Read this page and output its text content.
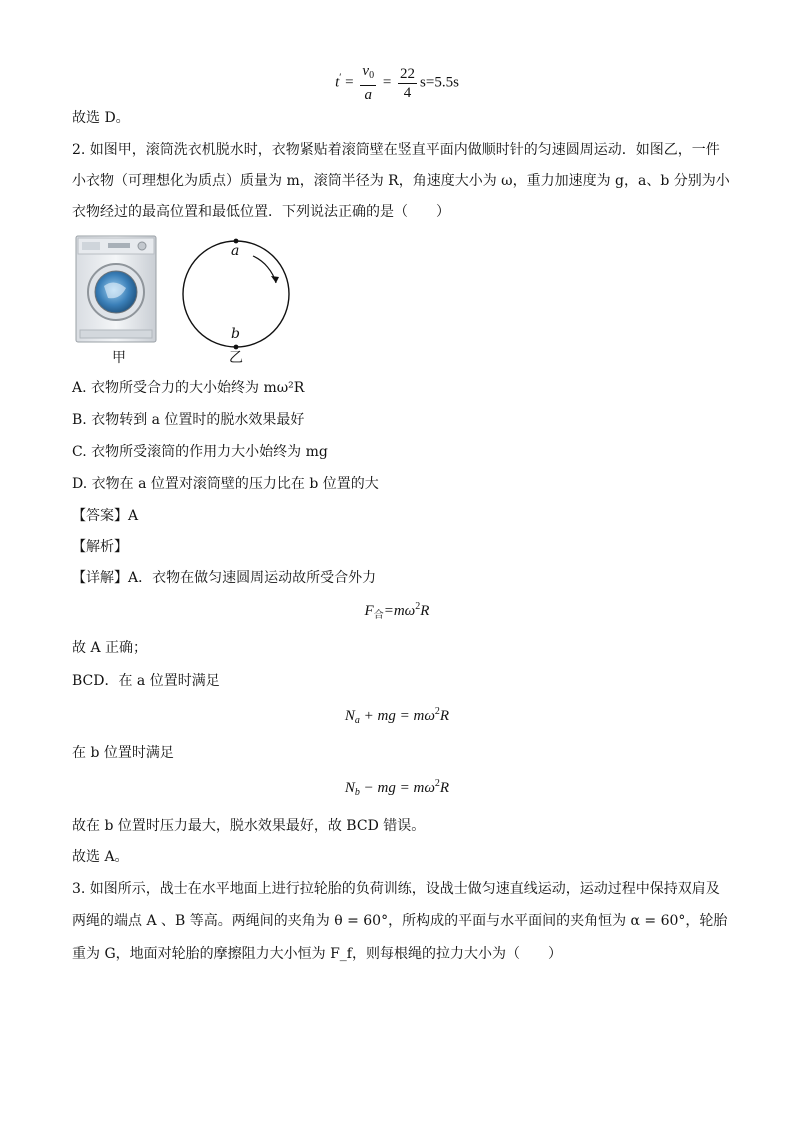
$t' = \frac{v_0}{a} = \frac{22}{4} s=5.5s$
故选 D。
2. 如图甲，滚筒洗衣机脱水时，衣物紧贴着滚筒壁在竖直平面内做顺时针的匀速圆周运动．如图乙，一件
小衣物（可理想化为质点）质量为 m，滚筒半径为 R，角速度大小为 ω，重力加速度为 g，a、b 分别为小
衣物经过的最高位置和最低位置．下列说法正确的是（　　）
甲
a
b
乙
A. 衣物所受合力的大小始终为 mω²R
B. 衣物转到 a 位置时的脱水效果最好
C. 衣物所受滚筒的作用力大小始终为 mg
D. 衣物在 a 位置对滚筒壁的压力比在 b 位置的大
【答案】A
【解析】
【详解】A．衣物在做匀速圆周运动故所受合外力
$F_合=m\omega^2R$
故 A 正确；
BCD．在 a 位置时满足
$N_a$ + mg = $m\omega^2R$
在 b 位置时满足
$N_b$ − mg = $m\omega^2R$
故在 b 位置时压力最大，脱水效果最好，故 BCD 错误。
故选 A。
3. 如图所示，战士在水平地面上进行拉轮胎的负荷训练，设战士做匀速直线运动，运动过程中保持双肩及
两绳的端点 A 、B 等高。两绳间的夹角为 θ = 60°，所构成的平面与水平面间的夹角恒为 α = 60°，轮胎
重为 G，地面对轮胎的摩擦阻力大小恒为 F_f，则每根绳的拉力大小为（　　）
